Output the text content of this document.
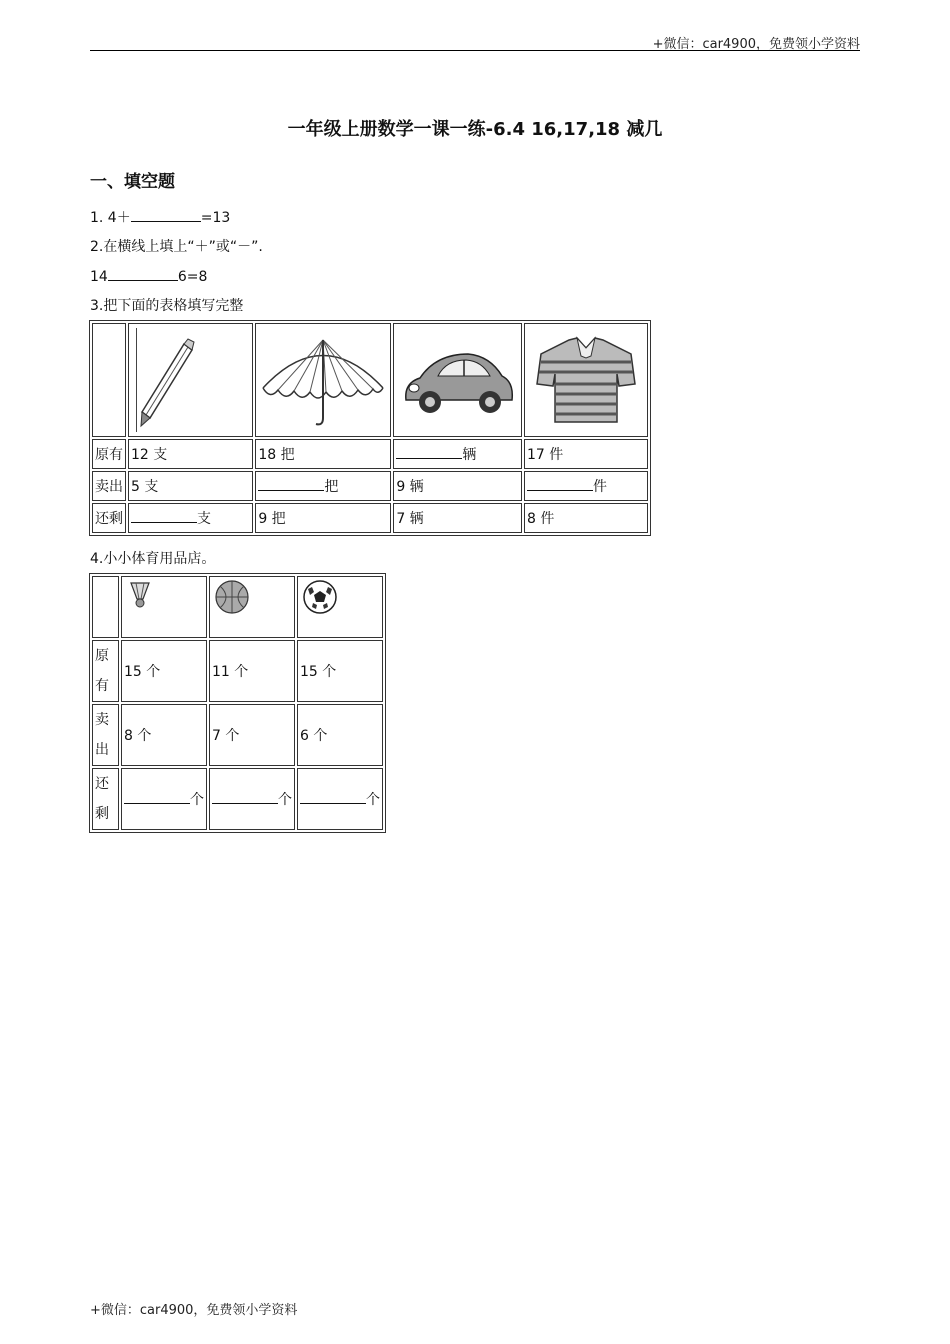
+微信：car4900，免费领小学资料
一年级上册数学一课一练-6.4 16,17,18 减几
一、填空题
1. 4＋	=13
2.在横线上填上“＋”或“－”.
14	6=8
3.把下面的表格填写完整

原有	12 支	18 把	辆	17 件
卖出	5 支	把	9 辆	件
还剩	支	9 把	7 辆	8 件

原
有	15 个	11 个	15 个
卖
出	8 个	7 个	6 个
还
剩	个	个	个
4.小小体育用品店。
+微信：car4900，免费领小学资料
